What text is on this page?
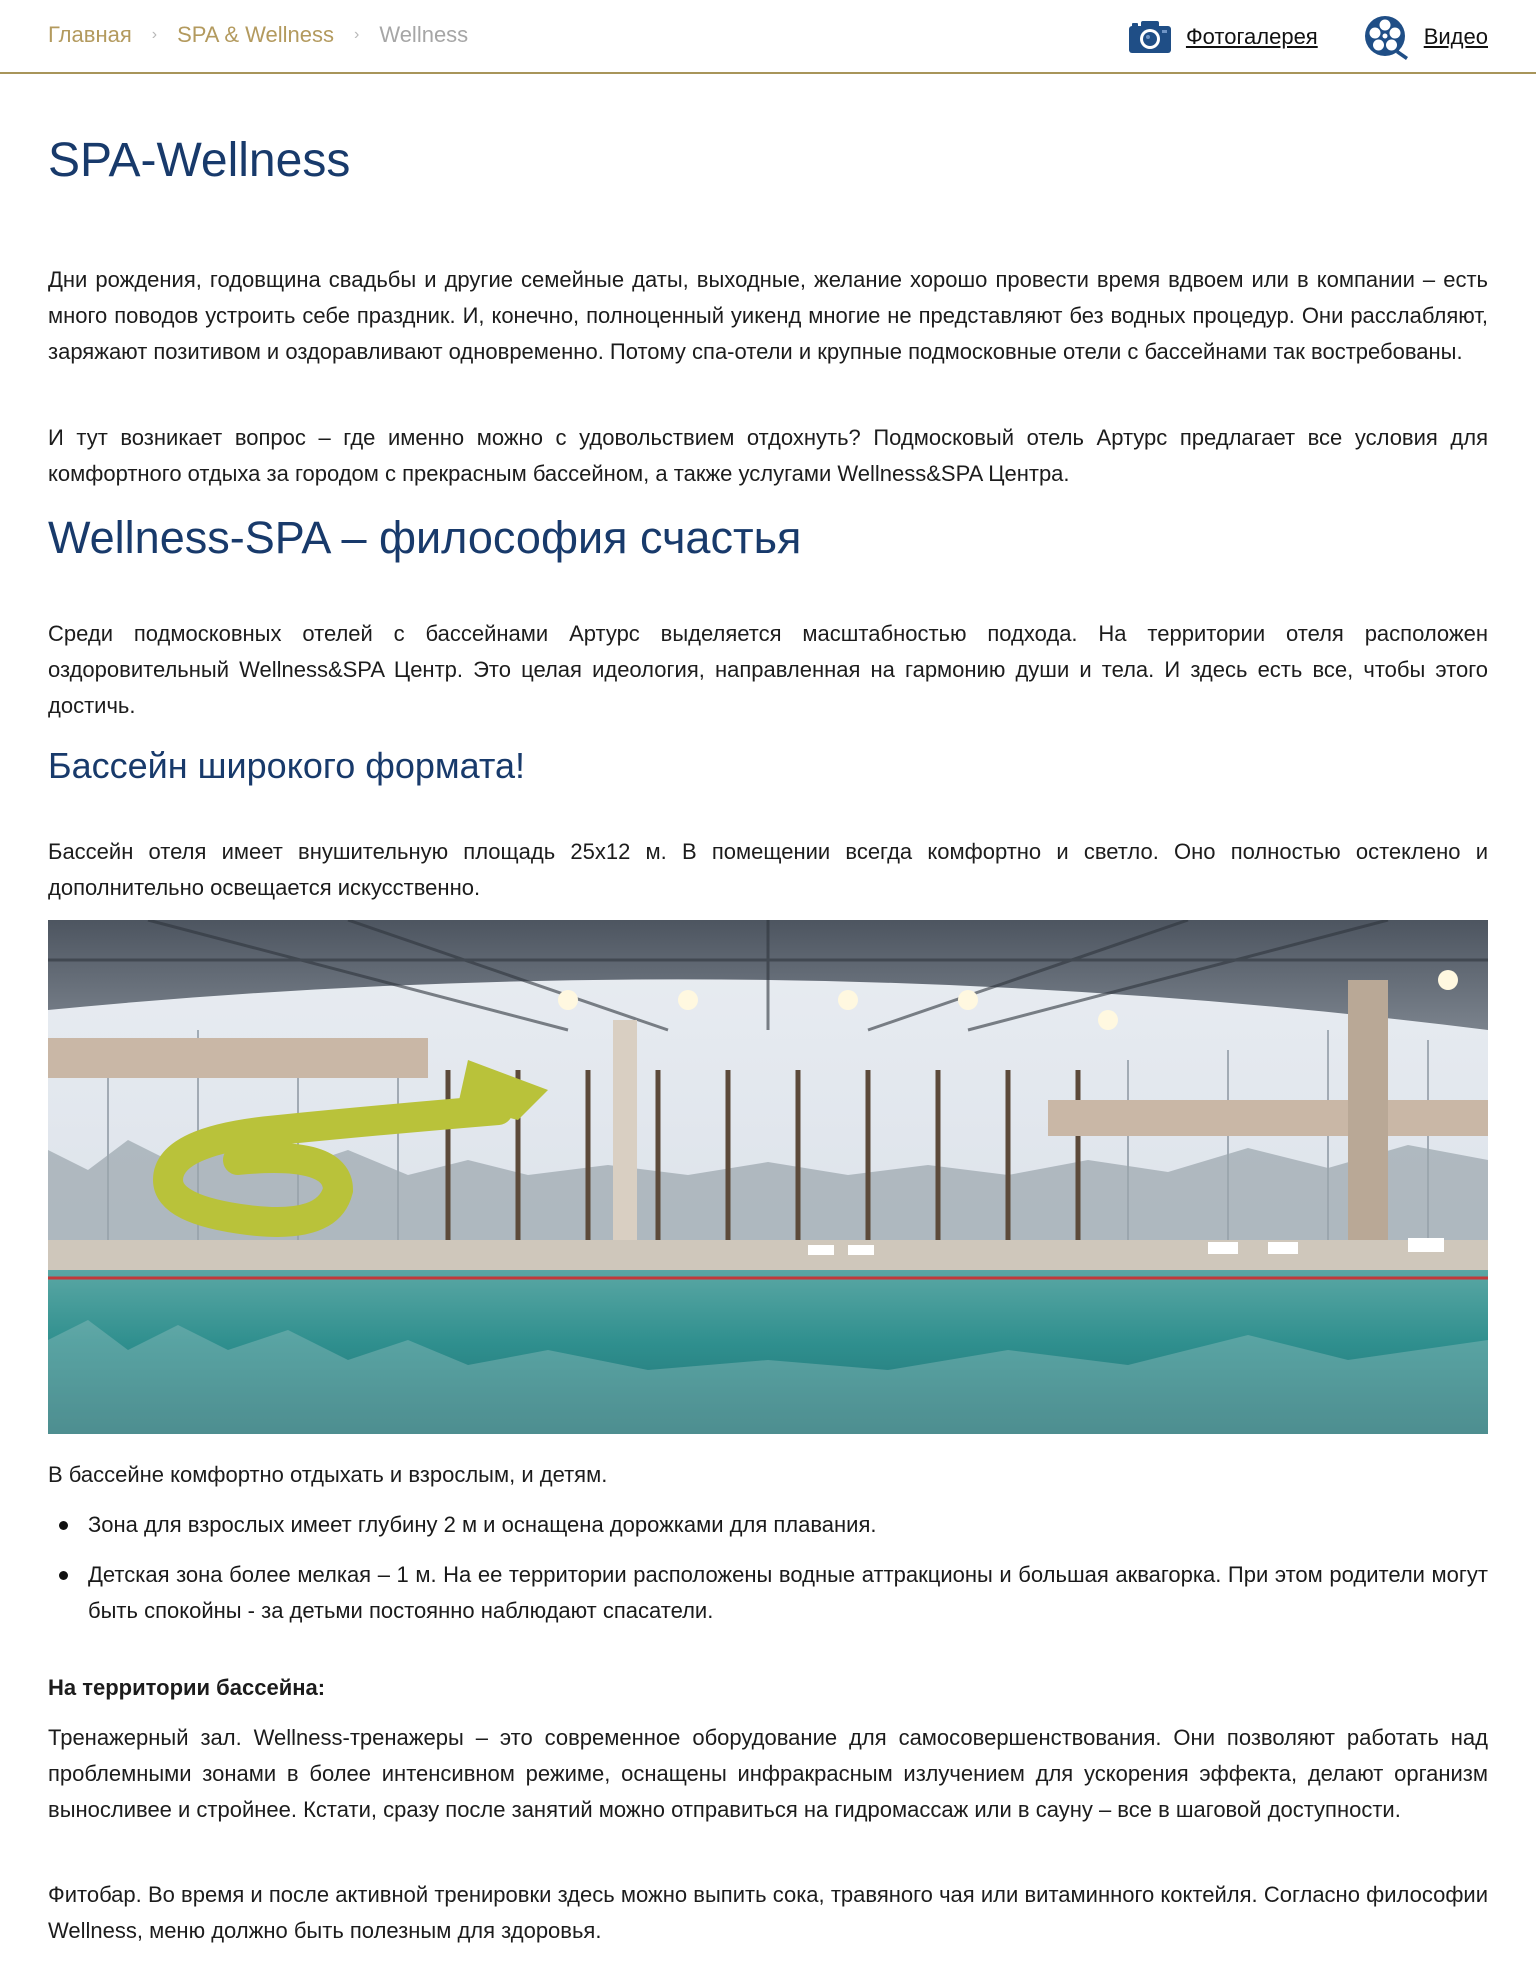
Главная › SPA & Wellness › Wellness	Фотогалерея	Видео
SPA-Wellness

Дни рождения, годовщина свадьбы и другие семейные даты, выходные, желание хорошо провести время вдвоем или в компании – есть много поводов устроить себе праздник. И, конечно, полноценный уикенд многие не представляют без водных процедур. Они расслабляют, заряжают позитивом и оздоравливают одновременно. Потому спа-отели и крупные подмосковные отели с бассейнами так востребованы.

И тут возникает вопрос – где именно можно с удовольствием отдохнуть? Подмосковый отель Артурс предлагает все условия для комфортного отдыха за городом с прекрасным бассейном, а также услугами Wellness&SPA Центра.

Wellness-SPA – философия счастья

Среди подмосковных отелей с бассейнами Артурс выделяется масштабностью подхода. На территории отеля расположен оздоровительный Wellness&SPA Центр. Это целая идеология, направленная на гармонию души и тела. И здесь есть все, чтобы этого достичь.

Бассейн широкого формата!

Бассейн отеля имеет внушительную площадь 25х12 м. В помещении всегда комфортно и светло. Оно полностью остеклено и дополнительно освещается искусственно.

В бассейне комфортно отдыхать и взрослым, и детям.

Зона для взрослых имеет глубину 2 м и оснащена дорожками для плавания.
Детская зона более мелкая – 1 м. На ее территории расположены водные аттракционы и большая аквагорка. При этом родители могут быть спокойны - за детьми постоянно наблюдают спасатели.

На территории бассейна:

Тренажерный зал. Wellness-тренажеры – это современное оборудование для самосовершенствования. Они позволяют работать над проблемными зонами в более интенсивном режиме, оснащены инфракрасным излучением для ускорения эффекта, делают организм выносливее и стройнее. Кстати, сразу после занятий можно отправиться на гидромассаж или в сауну – все в шаговой доступности.

Фитобар. Во время и после активной тренировки здесь можно выпить сока, травяного чая или витаминного коктейля. Согласно философии Wellness, меню должно быть полезным для здоровья.
